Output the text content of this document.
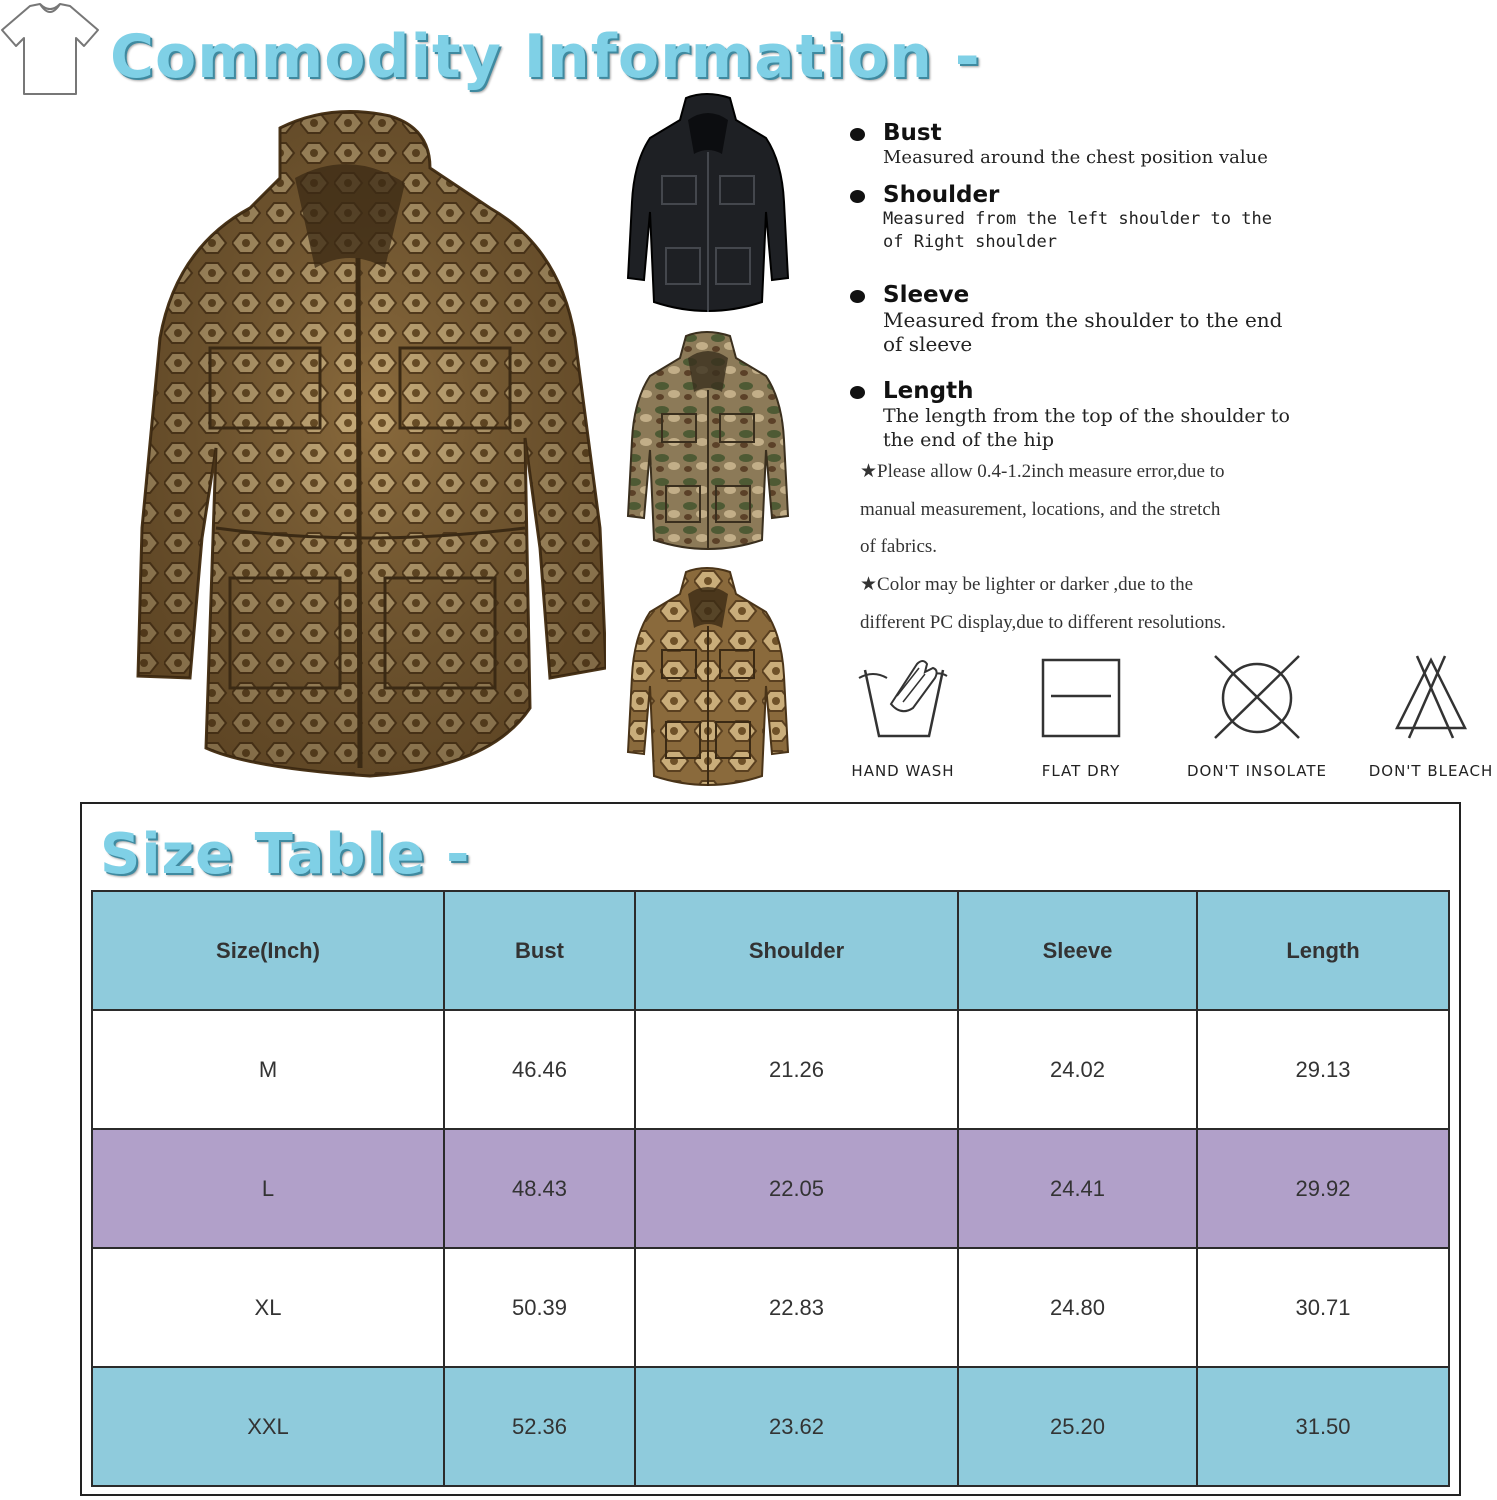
Commodity Information -
Bust
Measured around the chest position value
Shoulder
Measured from the left shoulder to the
of Right shoulder
Sleeve
Measured from the shoulder to the end
of sleeve
Length
The length from the top of the shoulder to
the end of the hip
★Please allow 0.4-1.2inch measure error,due to
manual measurement, locations, and the stretch
of fabrics.
★Color may be lighter or darker ,due to the
different PC display,due to different resolutions.
HAND WASH	FLAT DRY	DON'T INSOLATE	DON'T BLEACH
Size Table -
Size(Inch)	Bust	Shoulder	Sleeve	Length
M	46.46	21.26	24.02	29.13
L	48.43	22.05	24.41	29.92
XL	50.39	22.83	24.80	30.71
XXL	52.36	23.62	25.20	31.50
